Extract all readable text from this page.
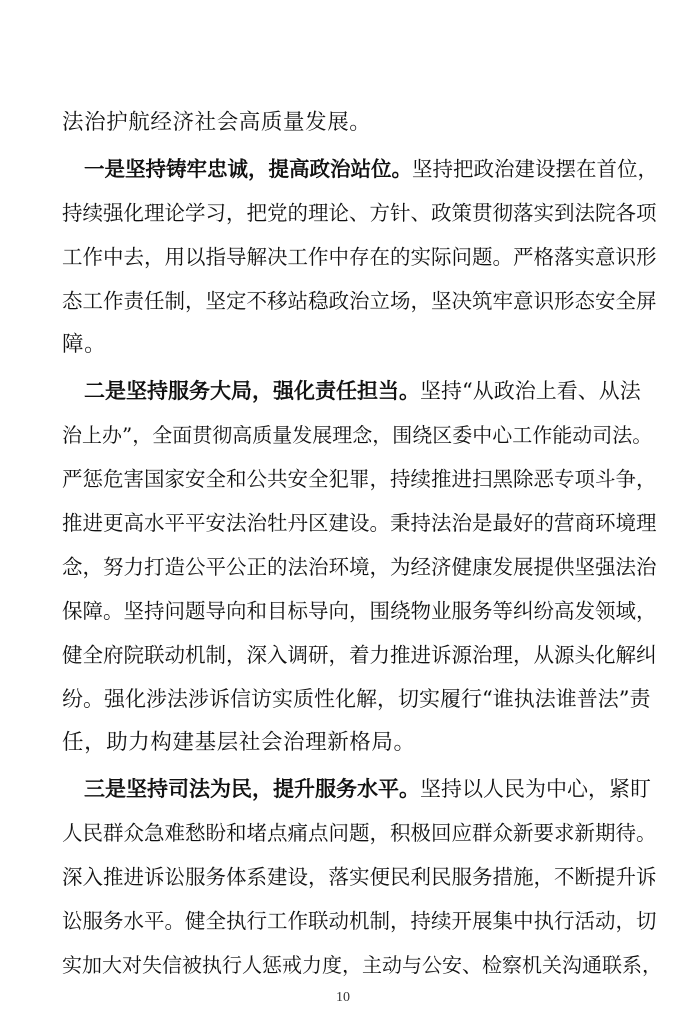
法治护航经济社会高质量发展。
一是坚持铸牢忠诚，提高政治站位。坚持把政治建设摆在首位，
持续强化理论学习，把党的理论、方针、政策贯彻落实到法院各项
工作中去，用以指导解决工作中存在的实际问题。严格落实意识形
态工作责任制，坚定不移站稳政治立场，坚决筑牢意识形态安全屏
障。
二是坚持服务大局，强化责任担当。坚持“从政治上看、从法
治上办”，全面贯彻高质量发展理念，围绕区委中心工作能动司法。
严惩危害国家安全和公共安全犯罪，持续推进扫黑除恶专项斗争，
推进更高水平平安法治牡丹区建设。秉持法治是最好的营商环境理
念，努力打造公平公正的法治环境，为经济健康发展提供坚强法治
保障。坚持问题导向和目标导向，围绕物业服务等纠纷高发领域，
健全府院联动机制，深入调研，着力推进诉源治理，从源头化解纠
纷。强化涉法涉诉信访实质性化解，切实履行“谁执法谁普法”责
任，助力构建基层社会治理新格局。
三是坚持司法为民，提升服务水平。坚持以人民为中心，紧盯
人民群众急难愁盼和堵点痛点问题，积极回应群众新要求新期待。
深入推进诉讼服务体系建设，落实便民利民服务措施，不断提升诉
讼服务水平。健全执行工作联动机制，持续开展集中执行活动，切
实加大对失信被执行人惩戒力度，主动与公安、检察机关沟通联系，
10
